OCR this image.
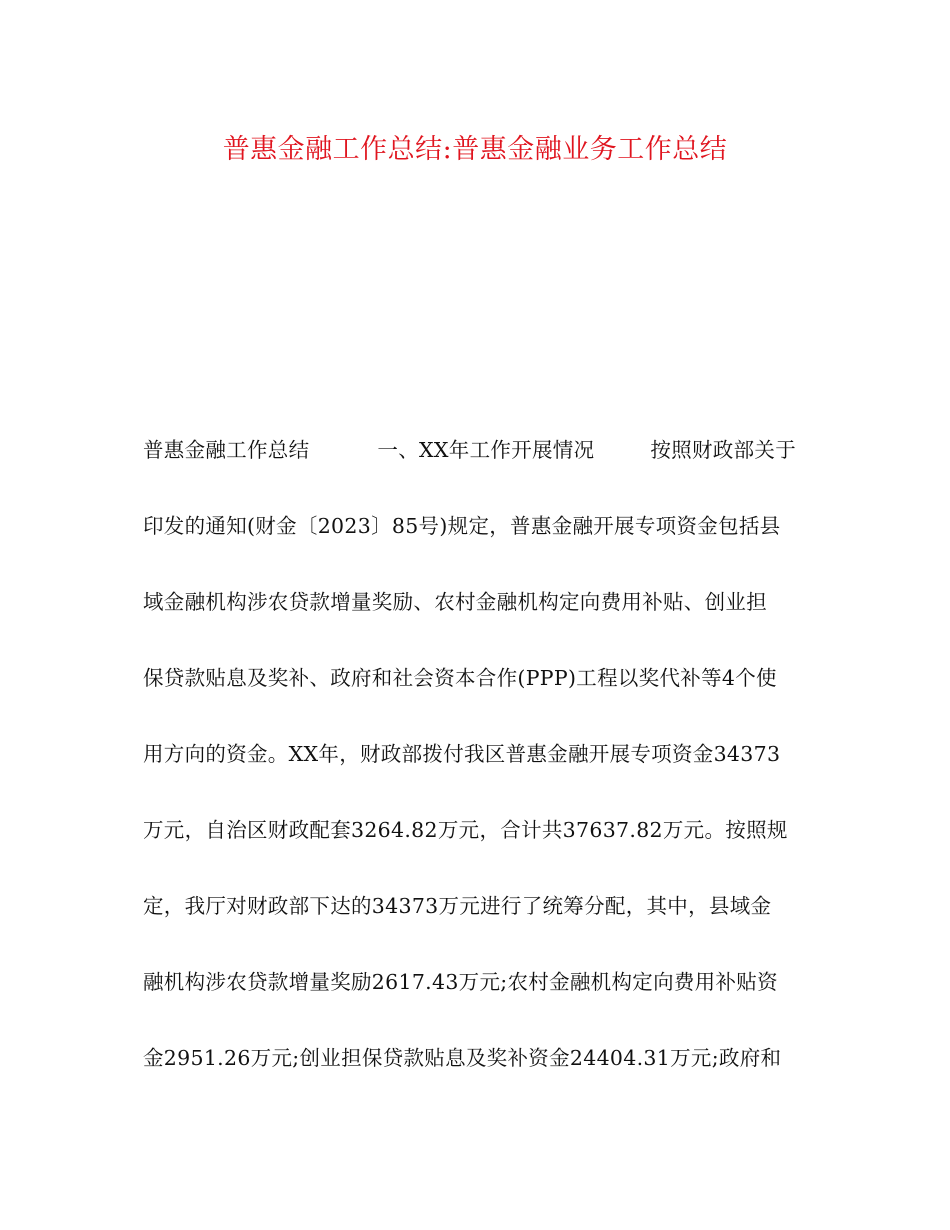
普惠金融工作总结:普惠金融业务工作总结
普惠金融工作总结	一、XX年工作开展情况	按照财政部关于
印发的通知(财金〔2023〕85号)规定，普惠金融开展专项资金包括县
域金融机构涉农贷款增量奖励、农村金融机构定向费用补贴、创业担
保贷款贴息及奖补、政府和社会资本合作(PPP)工程以奖代补等4个使
用方向的资金。XX年，财政部拨付我区普惠金融开展专项资金34373
万元，自治区财政配套3264.82万元，合计共37637.82万元。按照规
定，我厅对财政部下达的34373万元进行了统筹分配，其中，县域金
融机构涉农贷款增量奖励2617.43万元;农村金融机构定向费用补贴资
金2951.26万元;创业担保贷款贴息及奖补资金24404.31万元;政府和
